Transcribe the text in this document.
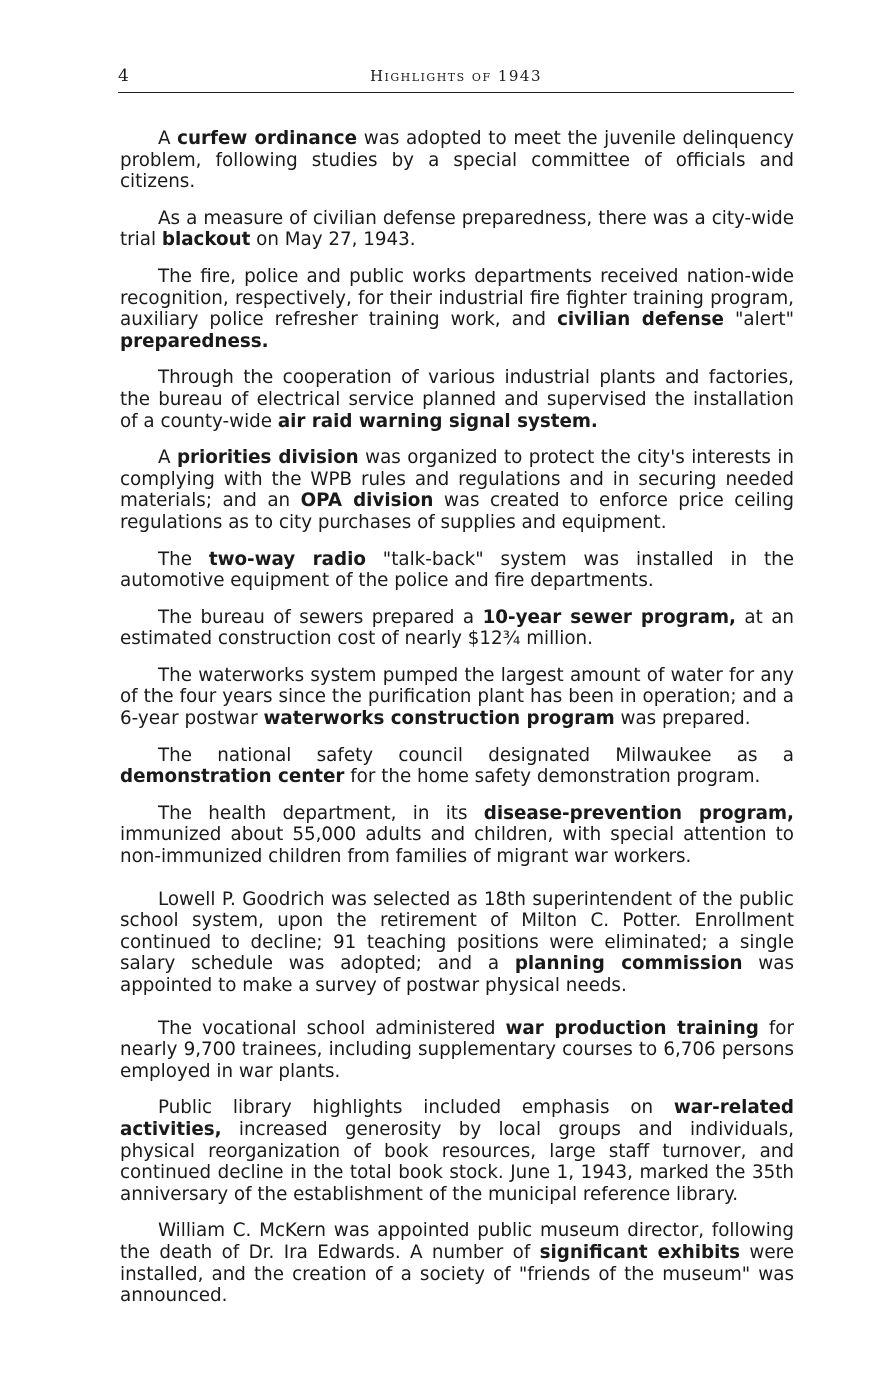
4	Highlights of 1943

A curfew ordinance was adopted to meet the juvenile delinquency problem, following studies by a special committee of officials and citizens.

As a measure of civilian defense preparedness, there was a city-wide trial blackout on May 27, 1943.

The fire, police and public works departments received nation-wide recognition, respectively, for their industrial fire fighter training program, auxiliary police refresher training work, and civilian defense "alert" preparedness.

Through the cooperation of various industrial plants and factories, the bureau of electrical service planned and supervised the installation of a county-wide air raid warning signal system.

A priorities division was organized to protect the city's interests in complying with the WPB rules and regulations and in securing needed materials; and an OPA division was created to enforce price ceiling regulations as to city purchases of supplies and equipment.

The two-way radio "talk-back" system was installed in the automotive equipment of the police and fire departments.

The bureau of sewers prepared a 10-year sewer program, at an estimated construction cost of nearly $12¾ million.

The waterworks system pumped the largest amount of water for any of the four years since the purification plant has been in operation; and a 6-year postwar waterworks construction program was prepared.

The national safety council designated Milwaukee as a demonstration center for the home safety demonstration program.

The health department, in its disease-prevention program, immunized about 55,000 adults and children, with special attention to non-immunized children from families of migrant war workers.

Lowell P. Goodrich was selected as 18th superintendent of the public school system, upon the retirement of Milton C. Potter. Enrollment continued to decline; 91 teaching positions were eliminated; a single salary schedule was adopted; and a planning commission was appointed to make a survey of postwar physical needs.

The vocational school administered war production training for nearly 9,700 trainees, including supplementary courses to 6,706 persons employed in war plants.

Public library highlights included emphasis on war-related activities, increased generosity by local groups and individuals, physical reorganization of book resources, large staff turnover, and continued decline in the total book stock. June 1, 1943, marked the 35th anniversary of the establishment of the municipal reference library.

William C. McKern was appointed public museum director, following the death of Dr. Ira Edwards. A number of significant exhibits were installed, and the creation of a society of "friends of the museum" was announced.
